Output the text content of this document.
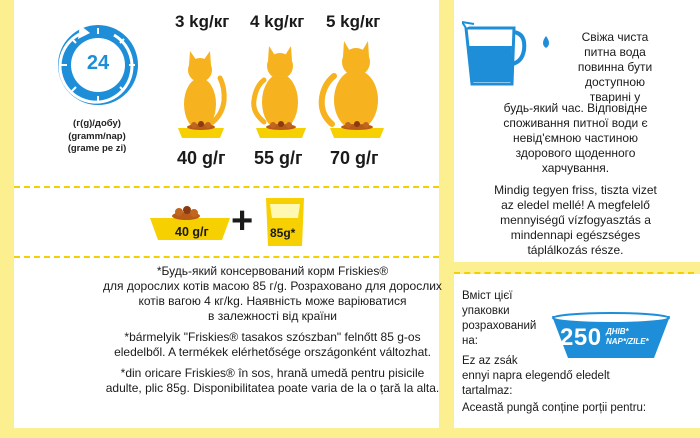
24
(г(g)/добу)
(gramm/nap)
(grame pe zi)
3 kg/кг 4 kg/кг 5 kg/кг
40 g/г 55 g/г 70 g/г
40 g/г + 85g*
*Будь-який консервований корм Friskies®
для дорослих котів масою 85 г/g. Розраховано для дорослих
котів вагою 4 кг/kg. Наявність може варіюватися
в залежності від країни
*bármelyik "Friskies® tasakos szószban" felnőtt 85 g-os
eledelből. A termékek elérhetősége országonként változhat.
*din oricare Friskies® în sos, hrană umedă pentru pisicile
adulte, plic 85g. Disponibilitatea poate varia de la o țară la alta.
Свіжа чиста
питна вода
повинна бути
доступною
тварині у
будь-який час. Відповідне
споживання питної води є
невід'ємною частиною
здорового щоденного
харчування.
Mindig tegyen friss, tiszta vizet
az eledel mellé! A megfelelő
mennyiségű vízfogyasztás a
mindennapi egészséges
táplálkozás része.
Вміст цієї
упаковки
розрахований
на:	250 ДНІВ*
NAP*/ZILE*
Ez az zsák
ennyi napra elegendő eledelt
tartalmaz:
Această pungă conține porții pentru:
